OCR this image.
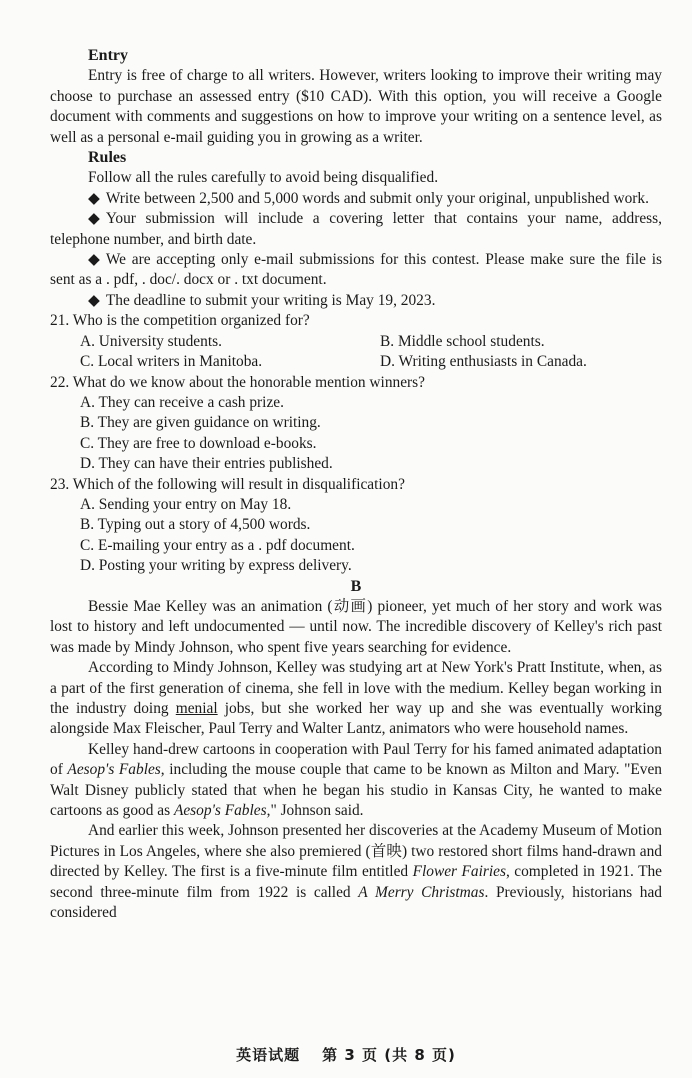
Entry

Entry is free of charge to all writers. However, writers looking to improve their writing may choose to purchase an assessed entry ($10 CAD). With this option, you will receive a Google document with comments and suggestions on how to improve your writing on a sentence level, as well as a personal e-mail guiding you in growing as a writer.

Rules

Follow all the rules carefully to avoid being disqualified.

◆ Write between 2,500 and 5,000 words and submit only your original, unpublished work.

◆ Your submission will include a covering letter that contains your name, address, telephone number, and birth date.

◆ We are accepting only e-mail submissions for this contest. Please make sure the file is sent as a . pdf, . doc/. docx or . txt document.

◆ The deadline to submit your writing is May 19, 2023.

21. Who is the competition organized for?

A. University students.	B. Middle school students.
C. Local writers in Manitoba.	D. Writing enthusiasts in Canada.

22. What do we know about the honorable mention winners?

A. They can receive a cash prize.

B. They are given guidance on writing.

C. They are free to download e-books.

D. They can have their entries published.

23. Which of the following will result in disqualification?

A. Sending your entry on May 18.

B. Typing out a story of 4,500 words.

C. E-mailing your entry as a . pdf document.

D. Posting your writing by express delivery.

B

Bessie Mae Kelley was an animation (动画) pioneer, yet much of her story and work was lost to history and left undocumented — until now. The incredible discovery of Kelley's rich past was made by Mindy Johnson, who spent five years searching for evidence.

According to Mindy Johnson, Kelley was studying art at New York's Pratt Institute, when, as a part of the first generation of cinema, she fell in love with the medium. Kelley began working in the industry doing menial jobs, but she worked her way up and she was eventually working alongside Max Fleischer, Paul Terry and Walter Lantz, animators who were household names.

Kelley hand-drew cartoons in cooperation with Paul Terry for his famed animated adaptation of Aesop's Fables, including the mouse couple that came to be known as Milton and Mary. "Even Walt Disney publicly stated that when he began his studio in Kansas City, he wanted to make cartoons as good as Aesop's Fables," Johnson said.

And earlier this week, Johnson presented her discoveries at the Academy Museum of Motion Pictures in Los Angeles, where she also premiered (首映) two restored short films hand-drawn and directed by Kelley. The first is a five-minute film entitled Flower Fairies, completed in 1921. The second three-minute film from 1922 is called A Merry Christmas. Previously, historians had considered

英语试题 第 3 页 (共 8 页)
